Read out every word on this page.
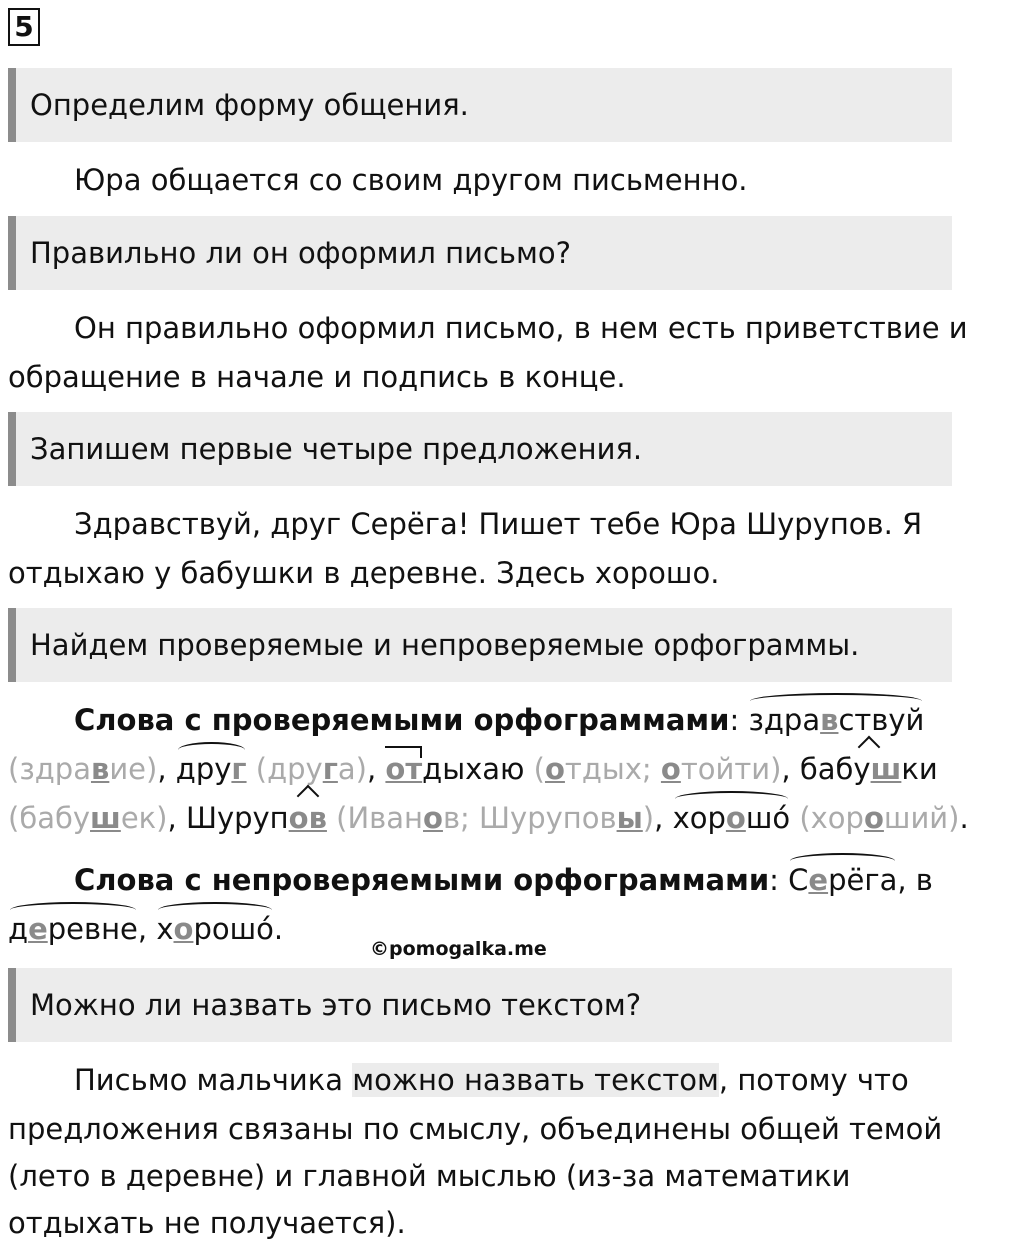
5
Определим форму общения.
Юра общается со своим другом письменно.
Правильно ли он оформил письмо?
Он правильно оформил письмо, в нем есть приветствие и
обращение в начале и подпись в конце.
Запишем первые четыре предложения.
Здравствуй, друг Серёга! Пишет тебе Юра Шурупов. Я
отдыхаю у бабушки в деревне. Здесь хорошо.
Найдем проверяемые и непроверяемые орфограммы.
Слова с проверяемыми орфограммами: здравствуй
(здравие), друг (друга), отдыхаю (отдых; отойти), бабушки
(бабушек), Шурупов (Иванов; Шуруповы), хорошо́ (хороший).
Слова с непроверяемыми орфограммами: Серёга, в
деревне, хорошó.
©pomogalka.me
Можно ли назвать это письмо текстом?
Письмо мальчика можно назвать текстом, потому что
предложения связаны по смыслу, объединены общей темой
(лето в деревне) и главной мыслью (из-за математики
отдыхать не получается).
